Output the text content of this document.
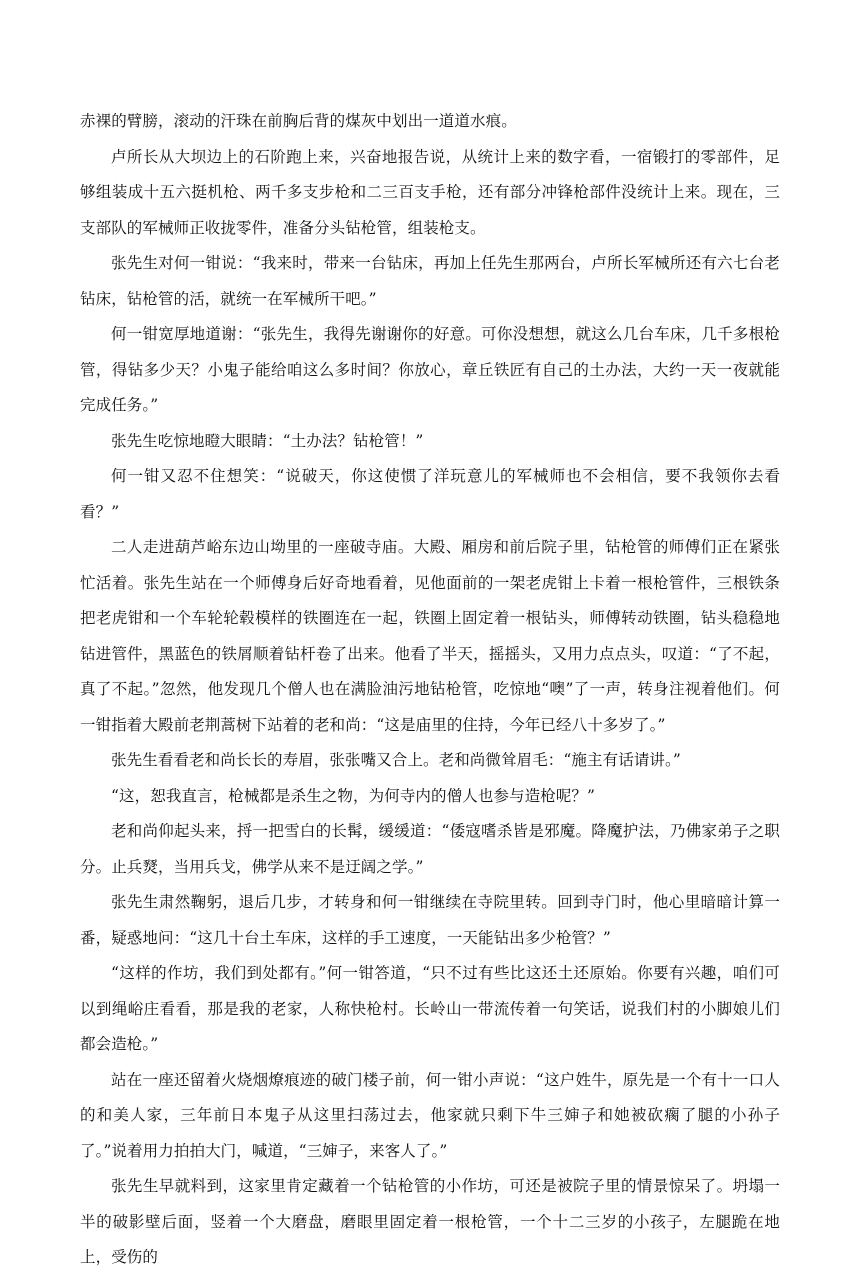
赤裸的臂膀，滚动的汗珠在前胸后背的煤灰中划出一道道水痕。

卢所长从大坝边上的石阶跑上来，兴奋地报告说，从统计上来的数字看，一宿锻打的零部件，足够组装成十五六挺机枪、两千多支步枪和二三百支手枪，还有部分冲锋枪部件没统计上来。现在，三支部队的军械师正收拢零件，准备分头钻枪管，组装枪支。

张先生对何一钳说：“我来时，带来一台钻床，再加上任先生那两台，卢所长军械所还有六七台老钻床，钻枪管的活，就统一在军械所干吧。”

何一钳宽厚地道谢：“张先生，我得先谢谢你的好意。可你没想想，就这么几台车床，几千多根枪管，得钻多少天？小鬼子能给咱这么多时间？你放心，章丘铁匠有自己的土办法，大约一天一夜就能完成任务。”

张先生吃惊地瞪大眼睛：“土办法？钻枪管！”

何一钳又忍不住想笑：“说破天，你这使惯了洋玩意儿的军械师也不会相信，要不我领你去看看？”

二人走进葫芦峪东边山坳里的一座破寺庙。大殿、厢房和前后院子里，钻枪管的师傅们正在紧张忙活着。张先生站在一个师傅身后好奇地看着，见他面前的一架老虎钳上卡着一根枪管件，三根铁条把老虎钳和一个车轮轮毂模样的铁圈连在一起，铁圈上固定着一根钻头，师傅转动铁圈，钻头稳稳地钻进管件，黑蓝色的铁屑顺着钻杆卷了出来。他看了半天，摇摇头，又用力点点头，叹道：“了不起，真了不起。”忽然，他发现几个僧人也在满脸油污地钻枪管，吃惊地“噢”了一声，转身注视着他们。何一钳指着大殿前老荆蒿树下站着的老和尚：“这是庙里的住持，今年已经八十多岁了。”

张先生看看老和尚长长的寿眉，张张嘴又合上。老和尚微耸眉毛：“施主有话请讲。”

“这，恕我直言，枪械都是杀生之物，为何寺内的僧人也参与造枪呢？”

老和尚仰起头来，捋一把雪白的长髯，缓缓道：“倭寇嗜杀皆是邪魔。降魔护法，乃佛家弟子之职分。止兵燹，当用兵戈，佛学从来不是迂阔之学。”

张先生肃然鞠躬，退后几步，才转身和何一钳继续在寺院里转。回到寺门时，他心里暗暗计算一番，疑惑地问：“这几十台土车床，这样的手工速度，一天能钻出多少枪管？”

“这样的作坊，我们到处都有。”何一钳答道，“只不过有些比这还土还原始。你要有兴趣，咱们可以到绳峪庄看看，那是我的老家，人称快枪村。长岭山一带流传着一句笑话，说我们村的小脚娘儿们都会造枪。”

站在一座还留着火烧烟燎痕迹的破门楼子前，何一钳小声说：“这户姓牛，原先是一个有十一口人的和美人家，三年前日本鬼子从这里扫荡过去，他家就只剩下牛三婶子和她被砍瘸了腿的小孙子了。”说着用力拍拍大门，喊道，“三婶子，来客人了。”

张先生早就料到，这家里肯定藏着一个钻枪管的小作坊，可还是被院子里的情景惊呆了。坍塌一半的破影壁后面，竖着一个大磨盘，磨眼里固定着一根枪管，一个十二三岁的小孩子，左腿跪在地上，受伤的
